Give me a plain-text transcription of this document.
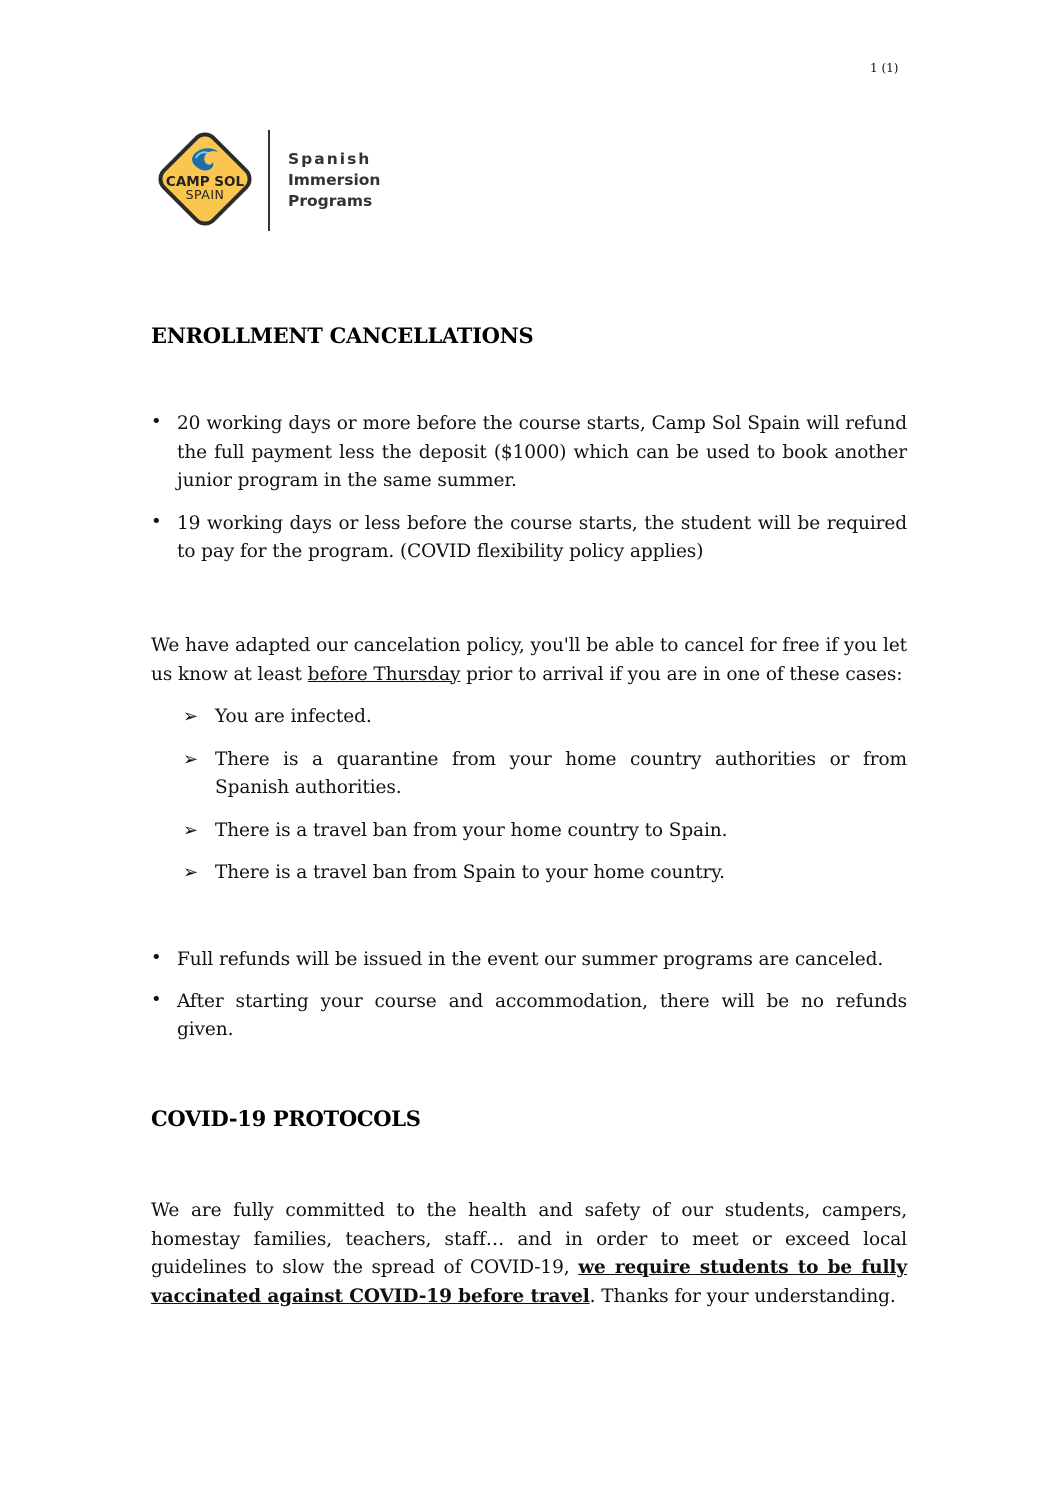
1 (1)
CAMP SOL
SPAIN
Spanish
Immersion
Programs
ENROLLMENT CANCELLATIONS
• 20 working days or more before the course starts, Camp Sol Spain will refund the full payment less the deposit ($1000) which can be used to book another junior program in the same summer.
• 19 working days or less before the course starts, the student will be required to pay for the program. (COVID flexibility policy applies)

We have adapted our cancelation policy, you'll be able to cancel for free if you let us know at least before Thursday prior to arrival if you are in one of these cases:

➢ You are infected.
➢ There is a quarantine from your home country authorities or from Spanish authorities.
➢ There is a travel ban from your home country to Spain.
➢ There is a travel ban from Spain to your home country.
• Full refunds will be issued in the event our summer programs are canceled.
• After starting your course and accommodation, there will be no refunds given.
COVID-19 PROTOCOLS

We are fully committed to the health and safety of our students, campers, homestay families, teachers, staff… and in order to meet or exceed local guidelines to slow the spread of COVID-19, we require students to be fully vaccinated against COVID-19 before travel. Thanks for your understanding.
